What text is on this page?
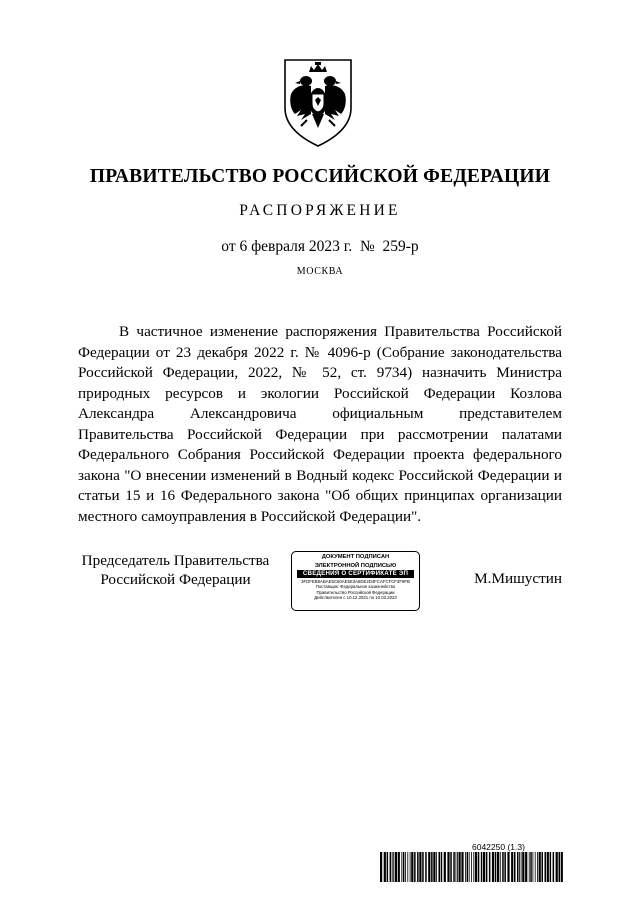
ПРАВИТЕЛЬСТВО РОССИЙСКОЙ ФЕДЕРАЦИИ
РАСПОРЯЖЕНИЕ
от 6 февраля 2023 г.  №  259-р
МОСКВА

В частичное изменение распоряжения Правительства Российской Федерации от 23 декабря 2022 г. № 4096-р (Собрание законодательства Российской Федерации, 2022, № 52, ст. 9734) назначить Министра природных ресурсов и экологии Российской Федерации Козлова Александра Александровича официальным представителем Правительства Российской Федерации при рассмотрении палатами Федерального Собрания Российской Федерации проекта федерального закона "О внесении изменений в Водный кодекс Российской Федерации и статьи 15 и 16 Федерального закона "Об общих принципах организации местного самоуправления в Российской Федерации".

Председатель Правительства
Российской Федерации
ДОКУМЕНТ ПОДПИСАН
ЭЛЕКТРОННОЙ ПОДПИСЬЮ
СВЕДЕНИЯ О СЕРТИФИКАТЕ ЭП
3FDFEB8ABAE5C50AE5E3A8DE2D4FCAFCFCF3F9FB
Поставщик: Федеральное казначейство
Правительство Российской Федерации
Действителен с 10.12.2021 по 10.03.2023
М.Мишустин
6042250 (1.3)
